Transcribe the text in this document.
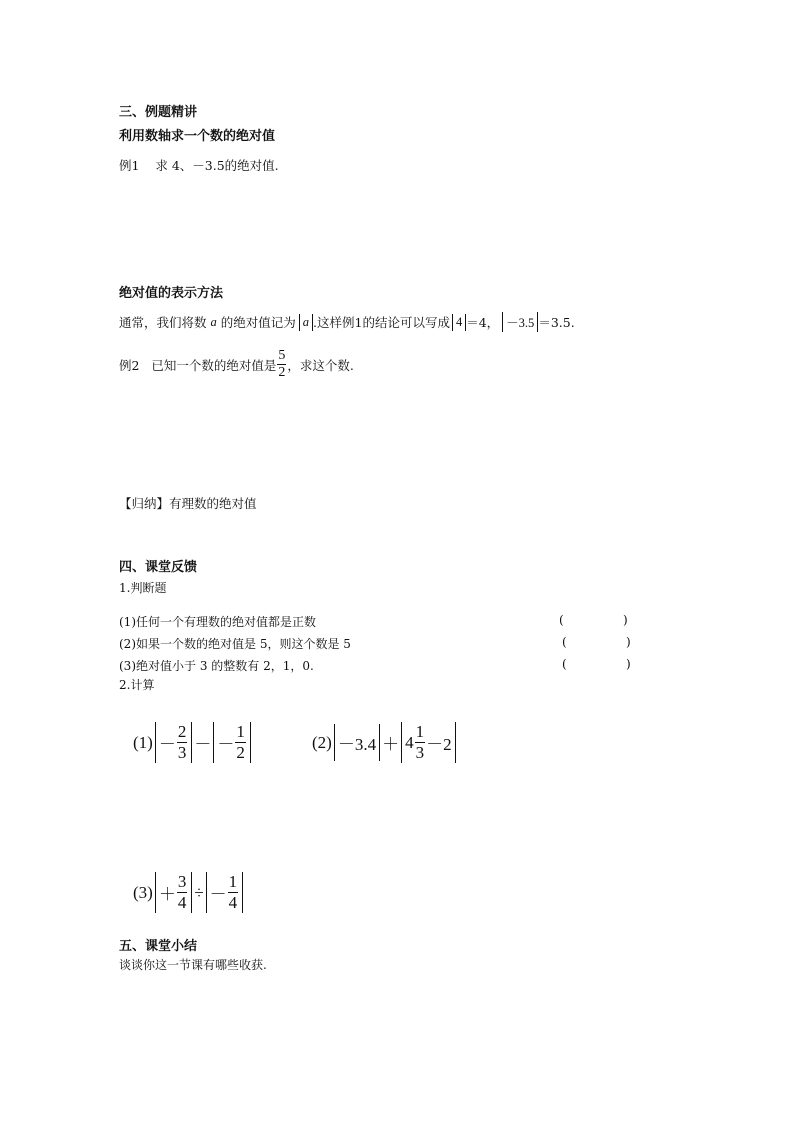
三、例题精讲
利用数轴求一个数的绝对值
例1 求 4、－3.5的绝对值.
绝对值的表示方法
通常，我们将数 a 的绝对值记为 a .这样例1的结论可以写成 4 ＝4， －3.5 ＝3.5.
例2
已知一个数的绝对值是 $\frac{5}{2}$ ，求这个数.
【归纳】有理数的绝对值
四、课堂反馈
1.判断题
(1)任何一个有理数的绝对值都是正数	(	)
(2)如果一个数的绝对值是 5，则这个数是 5	(	)
(3)绝对值小于 3 的整数有 2，1，0.	(	)
2.计算
$(1) - \frac{2}{3}$ － － $\frac{1}{2}$	$(2) -3.4 + 4 \frac{1}{3} -2$
$(3) + \frac{3}{4}$ ÷ － $\frac{1}{4}$
五、课堂小结
谈谈你这一节课有哪些收获.
